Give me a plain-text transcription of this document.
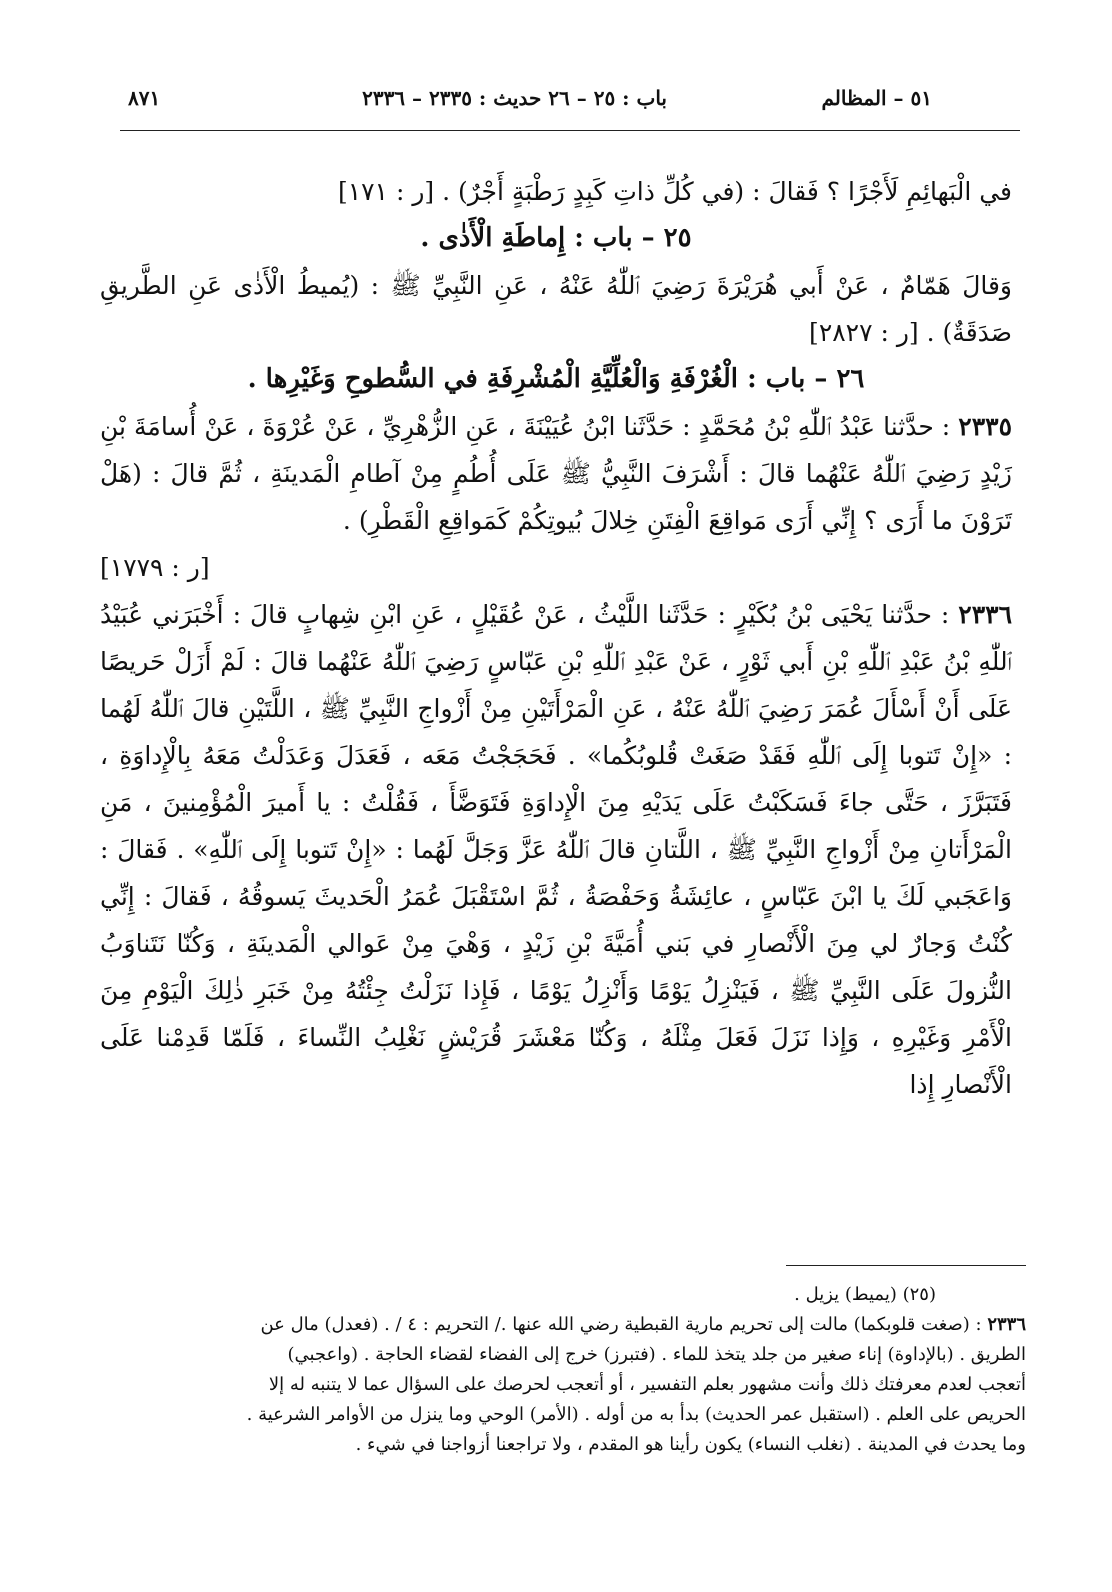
٥١ – المظالم
باب : ٢٥ – ٢٦ حديث : ٢٣٣٥ – ٢٣٣٦
٨٧١

في الْبَهائِمِ لَأَجْرًا ؟ فَقالَ : (في كُلِّ ذاتِ كَبِدٍ رَطْبَةٍ أَجْرٌ) . [ر : ١٧١]

٢٥ – باب : إِماطَةِ الْأَذٰى .

وَقالَ هَمّامٌ ، عَنْ أَبي هُرَيْرَةَ رَضِيَ ٱللّٰهُ عَنْهُ ، عَنِ النَّبِيِّ ﷺ : (يُميطُ الْأَذٰى عَنِ الطَّريقِ صَدَقَةٌ) . [ر : ٢٨٢٧]

٢٦ – باب : الْغُرْفَةِ وَالْعُلِّيَّةِ الْمُشْرِفَةِ في السُّطوحِ وَغَيْرِها .

٢٣٣٥ : حدَّثنا عَبْدُ ٱللّٰهِ بْنُ مُحَمَّدٍ : حَدَّثَنا ابْنُ عُيَيْنَةَ ، عَنِ الزُّهْرِيِّ ، عَنْ عُرْوَةَ ، عَنْ أُسامَةَ بْنِ زَيْدٍ رَضِيَ ٱللّٰهُ عَنْهُما قالَ : أَشْرَفَ النَّبِيُّ ﷺ عَلَى أُطُمٍ مِنْ آطامِ الْمَدينَةِ ، ثُمَّ قالَ : (هَلْ تَرَوْنَ ما أَرَى ؟ إِنِّي أَرَى مَواقِعَ الْفِتَنِ خِلالَ بُيوتِكُمْ كَمَواقِعِ الْقَطْرِ) .

[ر : ١٧٧٩]

٢٣٣٦ : حدَّثنا يَحْيَى بْنُ بُكَيْرٍ : حَدَّثَنا اللَّيْثُ ، عَنْ عُقَيْلٍ ، عَنِ ابْنِ شِهابٍ قالَ : أَخْبَرَني عُبَيْدُ ٱللّٰهِ بْنُ عَبْدِ ٱللّٰهِ بْنِ أَبي ثَوْرٍ ، عَنْ عَبْدِ ٱللّٰهِ بْنِ عَبّاسٍ رَضِيَ ٱللّٰهُ عَنْهُما قالَ : لَمْ أَزَلْ حَريصًا عَلَى أَنْ أَسْأَلَ عُمَرَ رَضِيَ ٱللّٰهُ عَنْهُ ، عَنِ الْمَرْأَتَيْنِ مِنْ أَزْواجِ النَّبِيِّ ﷺ ، اللَّتَيْنِ قالَ ٱللّٰهُ لَهُما : «إِنْ تَتوبا إِلَى ٱللّٰهِ فَقَدْ صَغَتْ قُلوبُكُما» . فَحَجَجْتُ مَعَه ، فَعَدَلَ وَعَدَلْتُ مَعَهُ بِالْإِداوَةِ ، فَتَبَرَّزَ ، حَتَّى جاءَ فَسَكَبْتُ عَلَى يَدَيْهِ مِنَ الْإِداوَةِ فَتَوَضَّأَ ، فَقُلْتُ : يا أَميرَ الْمُؤْمِنينَ ، مَنِ الْمَرْأَتانِ مِنْ أَزْواجِ النَّبِيِّ ﷺ ، اللَّتانِ قالَ ٱللّٰهُ عَزَّ وَجَلَّ لَهُما : «إِنْ تَتوبا إِلَى ٱللّٰهِ» . فَقالَ : وَاعَجَبي لَكَ يا ابْنَ عَبّاسٍ ، عائِشَةُ وَحَفْصَةُ ، ثُمَّ اسْتَقْبَلَ عُمَرُ الْحَديثَ يَسوقُهُ ، فَقالَ : إِنِّي كُنْتُ وَجارٌ لي مِنَ الْأَنْصارِ في بَني أُمَيَّةَ بْنِ زَيْدٍ ، وَهْيَ مِنْ عَوالي الْمَدينَةِ ، وَكُنّا نَتَناوَبُ النُّزولَ عَلَى النَّبِيِّ ﷺ ، فَيَنْزِلُ يَوْمًا وَأَنْزِلُ يَوْمًا ، فَإِذا نَزَلْتُ جِئْتُهُ مِنْ خَبَرِ ذٰلِكَ الْيَوْمِ مِنَ الْأَمْرِ وَغَيْرِهِ ، وَإِذا نَزَلَ فَعَلَ مِثْلَهُ ، وَكُنّا مَعْشَرَ قُرَيْشٍ نَغْلِبُ النِّساءَ ، فَلَمّا قَدِمْنا عَلَى الْأَنْصارِ إِذا

(٢٥) (يميط) يزيل .

٢٣٣٦ : (صغت قلوبكما) مالت إلى تحريم مارية القبطية رضي الله عنها ./ التحريم : ٤ / . (فعدل) مال عن

الطريق . (بالإداوة) إناء صغير من جلد يتخذ للماء . (فتبرز) خرج إلى الفضاء لقضاء الحاجة . (واعجبي)

أتعجب لعدم معرفتك ذلك وأنت مشهور بعلم التفسير ، أو أتعجب لحرصك على السؤال عما لا يتنبه له إلا

الحريص على العلم . (استقبل عمر الحديث) بدأ به من أوله . (الأمر) الوحي وما ينزل من الأوامر الشرعية .

وما يحدث في المدينة . (نغلب النساء) يكون رأينا هو المقدم ، ولا تراجعنا أزواجنا في شيء .
